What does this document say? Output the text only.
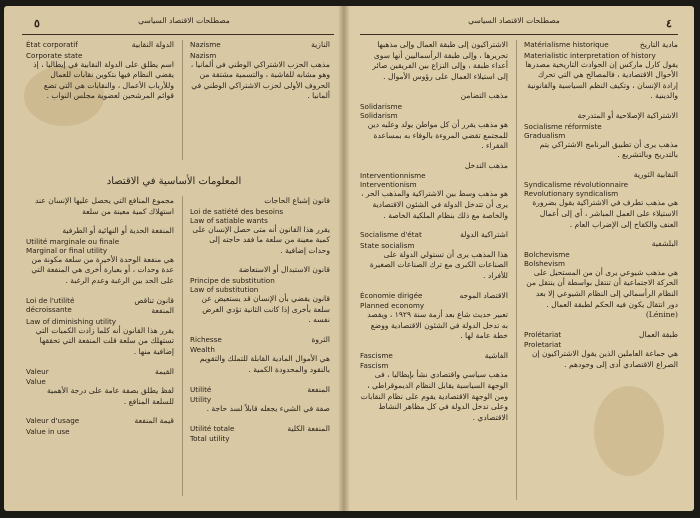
٥	مصطلحات الاقتصاد السياسي
État corporatif	الدولة النقابية
Corporate state
اسم يطلق على الدولة النقابية في إيطاليا ، إذ يقضي النظام فيها بتكوين نقابات للعمال وللأرباب الأعمال ، والنقابات هي التي تضع قوائم المرشحين لعضوية مجلس النواب .
Nazisme	النازية
Nazism
مذهب الحزب الاشتراكي الوطني في ألمانيا ، وهو مشابه للفاشية ، والتسمية مشتقة من الحروف الأولى لحزب الاشتراكي الوطني في ألمانيا .
المعلومات الأساسية في الاقتصاد
مجموع المنافع التي يحصل عليها الإنسان عند استهلاك كمية معينة من سلعة
المنفعة الحدية أو النهائية أو الطرفية
Utilité marginale ou finale
Marginal or final utility
هي منفعة الوحدة الأخيرة من سلعة مكونة من عدة وحدات ، أو بعبارة أخرى هي المنفعة التي على الحد بين الرغبة وعدم الرغبة .
Loi de l'utilité décroissante
قانون تناقص المنفعة
Law of diminishing utility
يقرر هذا القانون أنه كلما زادت الكميات التي تستهلك من سلعة قلت المنفعة التي تحققها إضافية منها .
Valeur	القيمة
Value
لفظ يطلق بصفة عامة على درجة الأهمية للسلعة المنافع .
Valeur d'usage	قيمة المنفعة
Value in use
قانون إشباع الحاجات
Loi de satiété des besoins
Law of satiable wants
يقرر هذا القانون أنه متى حصل الإنسان على كمية معينة من سلعة ما فقد حاجته إلى وحدات إضافية .
قانون الاستبدال أو الاستعاضة
Principe de substitution
Law of substitution
قانون يقضي بأن الإنسان قد يستعيض عن سلعة بأخرى إذا كانت الثانية تؤدي الغرض نفسه .
Richesse	الثروة
Wealth
هي الأموال المادية القابلة للتملك والتقويم بالنقود والمحدودة الكمية .
Utilité	المنفعة
Utility
صفة في الشيء يجعله قابلاً لسد حاجة .
Utilité totale	المنفعة الكلية
Total utility
مصطلحات الاقتصاد السياسي	٤
الاشتراكيون إلى طبقة العمال وإلى مذهبها تحريرها ، وإلى طبقة الرأسماليين أنها سوى أعداء طبقة ، وإلى النزاع بين الفريقين صائر إلى استيلاء العمال على رؤوس الأموال .
مذهب التضامن
Solidarisme
Solidarism
هو مذهب يقرر أن كل مواطن يولد وعليه دين للمجتمع تقضي المروءة بالوفاء به بمساعدة الفقراء .
مذهب التدخل
Interventionnisme
Interventionism
هو مذهب وسط بين الاشتراكية والمذهب الحر ، يرى أن تتدخل الدولة في الشئون الاقتصادية والخاصة مع ذلك بنظام الملكية الخاصة .
Socialisme d'état	اشتراكية الدولة
State socialism
هذا المذهب يرى أن تستولي الدولة على الصناعات الكبرى مع ترك الصناعات الصغيرة للأفراد .
Économie dirigée	الاقتصاد الموجه
Planned economy
تعبير حديث شاع بعد أزمة سنة ١٩٢٩ ، ويقصد به تدخل الدولة في الشئون الاقتصادية ووضع خطة عامة لها .
Fascisme	الفاشية
Fascism
مذهب سياسي واقتصادي نشأ بإيطاليا ، فى الوجهة السياسية يقابل النظام الديموقراطي ، ومن الوجهة الاقتصادية يقوم على نظام النقابات وعلى تدخل الدولة في كل مظاهر النشاط الاقتصادي .
Matérialisme historique	مادية التاريخ
Materialistic interpretation of history
يقول كارل ماركس إن الحوادث التاريخية مصدرها الأحوال الاقتصادية ، فالمصالح هي التي تحرك إرادة الإنسان ، وتكيف النظم السياسية والقانونية والدينية .
الاشتراكية الإصلاحية أو المتدرجة
Socialisme réformiste
Gradualism
مذهب يرى أن تطبيق البرنامج الاشتراكي يتم بالتدريج وبالتشريع .
النقابية الثورية
Syndicalisme révolutionnaire
Revolutionary syndicalism
هي مذهب تطرف في الاشتراكية يقول بضرورة الاستيلاء على العمل المباشر ، أي إلى أعمال العنف والكفاح إلى الإضراب العام .
البلشفية
Bolchevisme
Bolshevism
هي مذهب شيوعي يرى أن من المستحيل على الحركة الاجتماعية أن تنتقل بواسطة أن ينتقل من النظام الرأسمالي إلى النظام الشيوعي إلا بعد دور انتقال يكون فيه الحكم لطبقة العمال . (Lénine)
Prolétariat	طبقة العمال
Proletariat
هي جماعة العاملين الذين يقول الاشتراكيون إن الصراع الاقتصادي أدى إلى وجودهم .
